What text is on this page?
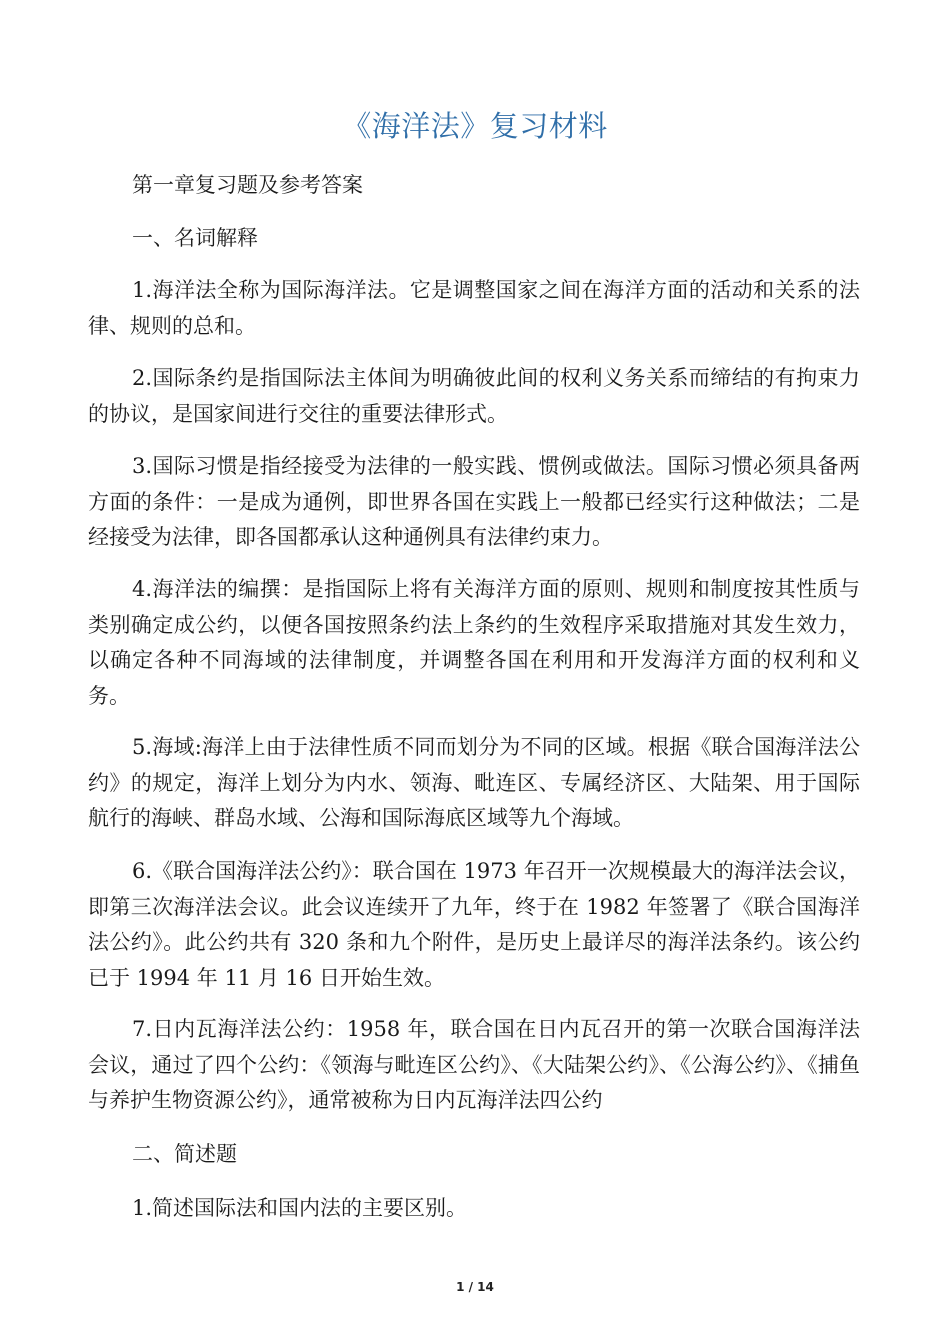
《海洋法》复习材料
第一章复习题及参考答案
一、名词解释
1.海洋法全称为国际海洋法。它是调整国家之间在海洋方面的活动和关系的法律、规则的总和。
2.国际条约是指国际法主体间为明确彼此间的权利义务关系而缔结的有拘束力的协议，是国家间进行交往的重要法律形式。
3.国际习惯是指经接受为法律的一般实践、惯例或做法。国际习惯必须具备两方面的条件：一是成为通例，即世界各国在实践上一般都已经实行这种做法；二是经接受为法律，即各国都承认这种通例具有法律约束力。
4.海洋法的编撰：是指国际上将有关海洋方面的原则、规则和制度按其性质与类别确定成公约，以便各国按照条约法上条约的生效程序采取措施对其发生效力，以确定各种不同海域的法律制度，并调整各国在利用和开发海洋方面的权利和义务。
5.海域:海洋上由于法律性质不同而划分为不同的区域。根据《联合国海洋法公约》的规定，海洋上划分为内水、领海、毗连区、专属经济区、大陆架、用于国际航行的海峡、群岛水域、公海和国际海底区域等九个海域。
6.《联合国海洋法公约》：联合国在 1973 年召开一次规模最大的海洋法会议，即第三次海洋法会议。此会议连续开了九年，终于在 1982 年签署了《联合国海洋法公约》。此公约共有 320 条和九个附件，是历史上最详尽的海洋法条约。该公约已于 1994 年 11 月 16 日开始生效。
7.日内瓦海洋法公约：1958 年，联合国在日内瓦召开的第一次联合国海洋法会议，通过了四个公约：《领海与毗连区公约》、《大陆架公约》、《公海公约》、《捕鱼与养护生物资源公约》，通常被称为日内瓦海洋法四公约
二、简述题
1.简述国际法和国内法的主要区别。
1 / 14
